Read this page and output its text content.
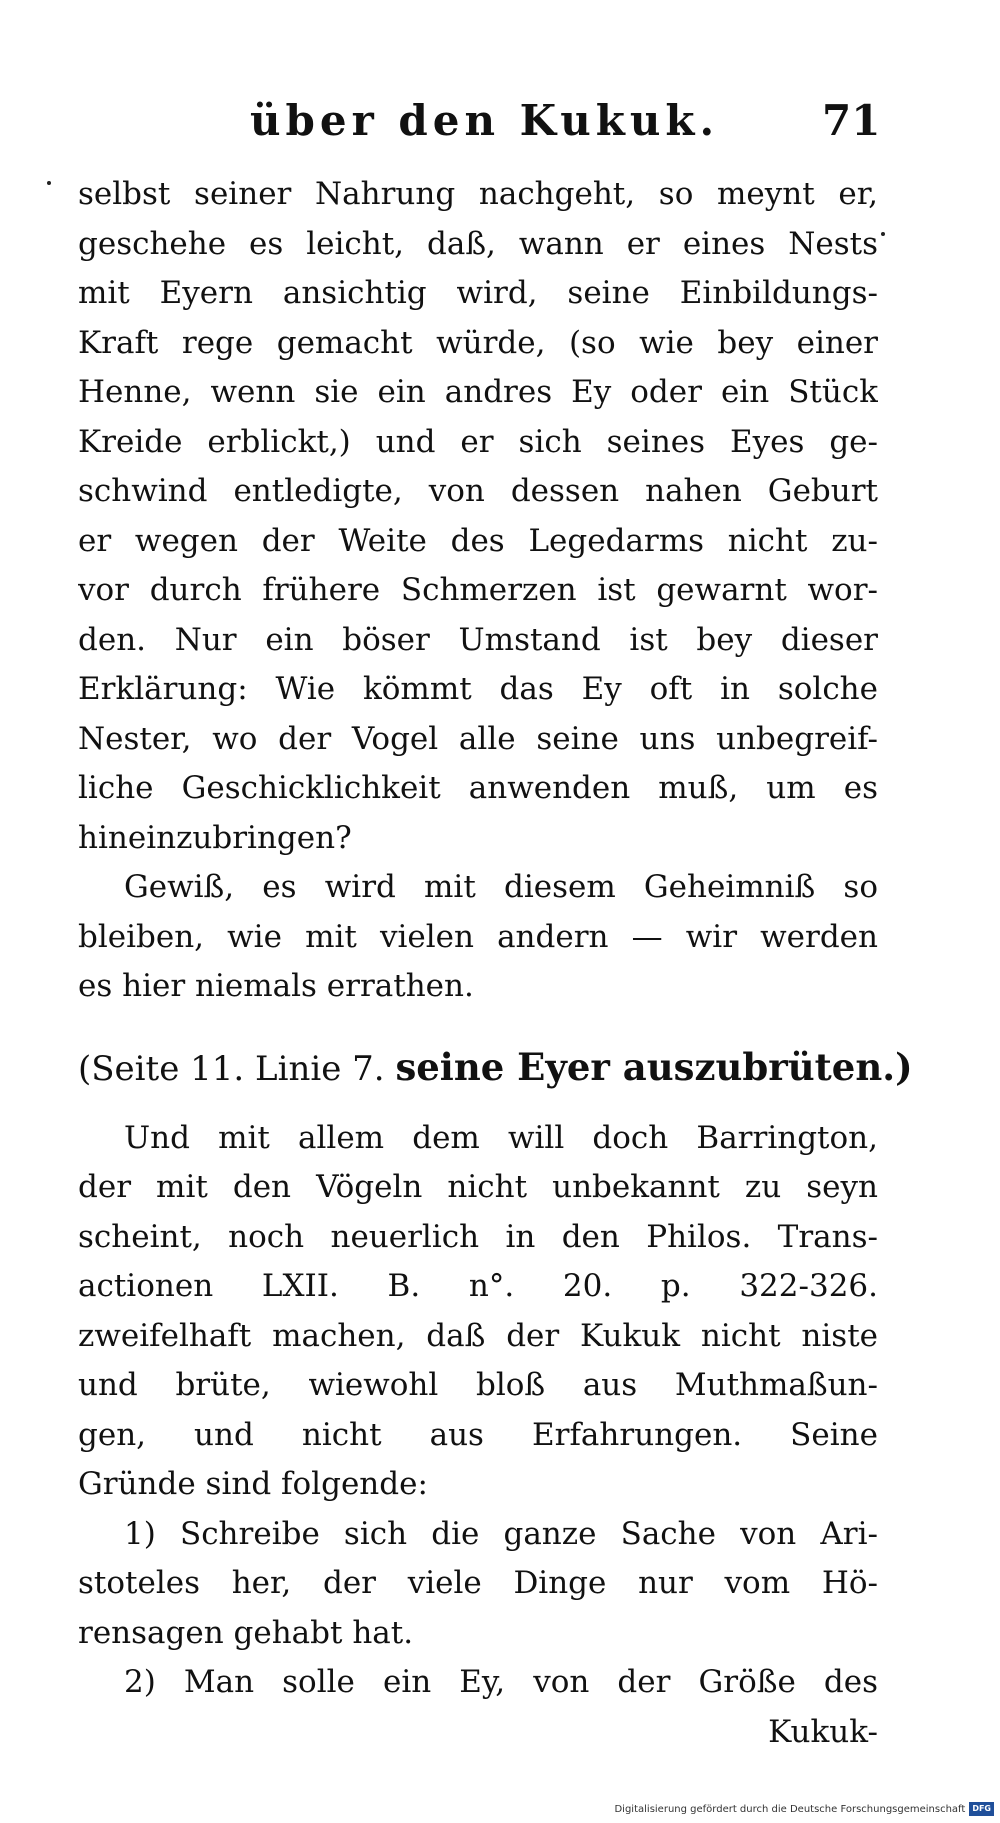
über den Kukuk. 71
selbst seiner Nahrung nachgeht, so meynt er,
geschehe es leicht, daß, wann er eines Nests
mit Eyern ansichtig wird, seine Einbildungs-
Kraft rege gemacht würde, (so wie bey einer
Henne, wenn sie ein andres Ey oder ein Stück
Kreide erblickt,) und er sich seines Eyes ge-
schwind entledigte, von dessen nahen Geburt
er wegen der Weite des Legedarms nicht zu-
vor durch frühere Schmerzen ist gewarnt wor-
den. Nur ein böser Umstand ist bey dieser
Erklärung: Wie kömmt das Ey oft in solche
Nester, wo der Vogel alle seine uns unbegreif-
liche Geschicklichkeit anwenden muß, um es
hineinzubringen?
Gewiß, es wird mit diesem Geheimniß so
bleiben, wie mit vielen andern — wir werden
es hier niemals errathen.
(Seite 11. Linie 7. seine Eyer auszubrüten.)
Und mit allem dem will doch Barrington,
der mit den Vögeln nicht unbekannt zu seyn
scheint, noch neuerlich in den Philos. Trans-
actionen LXII. B. n°. 20. p. 322-326.
zweifelhaft machen, daß der Kukuk nicht niste
und brüte, wiewohl bloß aus Muthmaßun-
gen, und nicht aus Erfahrungen. Seine
Gründe sind folgende:
1) Schreibe sich die ganze Sache von Ari-
stoteles her, der viele Dinge nur vom Hö-
rensagen gehabt hat.
2) Man solle ein Ey, von der Größe des
Kukuk-
Digitalisierung gefördert durch die Deutsche Forschungsgemeinschaft DFG
